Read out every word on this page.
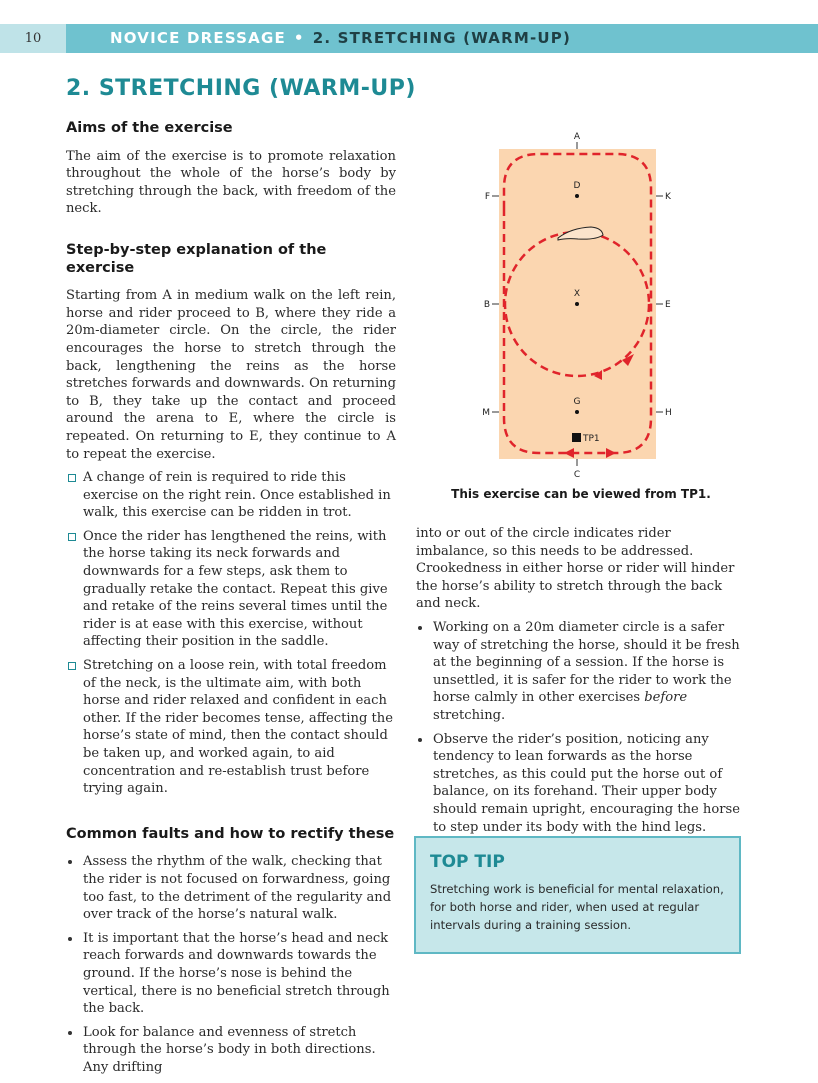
10	NOVICE DRESSAGE • 2. STRETCHING (WARM-UP)
2. STRETCHING (WARM-UP)
Aims of the exercise

The aim of the exercise is to promote relaxation throughout the whole of the horse’s body by stretching through the back, with freedom of the neck.

Step-by-step explanation of the exercise

Starting from A in medium walk on the left rein, horse and rider proceed to B, where they ride a 20m-diameter circle. On the circle, the rider encourages the horse to stretch through the back, lengthening the reins as the horse stretches forwards and downwards. On returning to B, they take up the contact and proceed around the arena to E, where the circle is repeated. On returning to E, they continue to A to repeat the exercise.

A change of rein is required to ride this exercise on the right rein. Once established in walk, this exercise can be ridden in trot.
Once the rider has lengthened the reins, with the horse taking its neck forwards and downwards for a few steps, ask them to gradually retake the contact. Repeat this give and retake of the reins several times until the rider is at ease with this exercise, without affecting their position in the saddle.
Stretching on a loose rein, with total freedom of the neck, is the ultimate aim, with both horse and rider relaxed and confident in each other. If the rider becomes tense, affecting the horse’s state of mind, then the contact should be taken up, and worked again, to aid concentration and re-establish trust before trying again.
Common faults and how to rectify these
Assess the rhythm of the walk, checking that the rider is not focused on forwardness, going too fast, to the detriment of the regularity and over track of the horse’s natural walk.
It is important that the horse’s head and neck reach forwards and downwards towards the ground. If the horse’s nose is behind the vertical, there is no beneficial stretch through the back.
Look for balance and evenness of stretch through the horse’s body in both directions. Any drifting
A
C
F	K
B	E
M	H
D
X
G
TP1
This exercise can be viewed from TP1.

into or out of the circle indicates rider imbalance, so this needs to be addressed. Crookedness in either horse or rider will hinder the horse’s ability to stretch through the back and neck.

Working on a 20m diameter circle is a safer way of stretching the horse, should it be fresh at the beginning of a session. If the horse is unsettled, it is safer for the rider to work the horse calmly in other exercises before stretching.
Observe the rider’s position, noticing any tendency to lean forwards as the horse stretches, as this could put the horse out of balance, on its forehand. Their upper body should remain upright, encouraging the horse to step under its body with the hind legs.
TOP TIP

Stretching work is beneficial for mental relaxation, for both horse and rider, when used at regular intervals during a training session.
